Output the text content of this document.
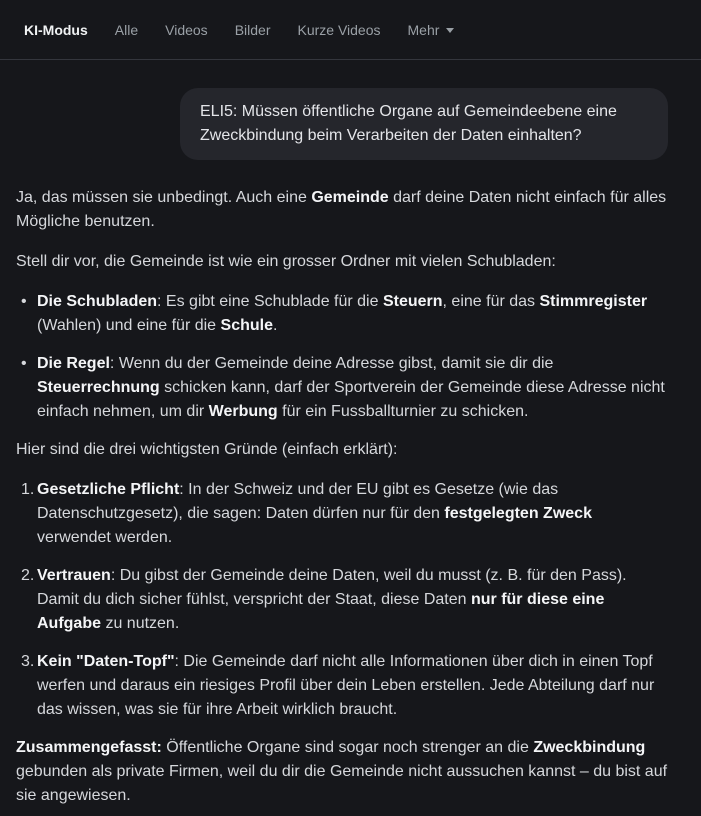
KI-Modus Alle Videos Bilder Kurze Videos Mehr
ELI5: Müssen öffentliche Organe auf Gemeindeebene eine Zweckbindung beim Verarbeiten der Daten einhalten?

Ja, das müssen sie unbedingt. Auch eine Gemeinde darf deine Daten nicht einfach für alles Mögliche benutzen.

Stell dir vor, die Gemeinde ist wie ein grosser Ordner mit vielen Schubladen:

• Die Schubladen: Es gibt eine Schublade für die Steuern, eine für das Stimmregister (Wahlen) und eine für die Schule.
• Die Regel: Wenn du der Gemeinde deine Adresse gibst, damit sie dir die Steuerrechnung schicken kann, darf der Sportverein der Gemeinde diese Adresse nicht einfach nehmen, um dir Werbung für ein Fussballturnier zu schicken.

Hier sind die drei wichtigsten Gründe (einfach erklärt):

1. Gesetzliche Pflicht: In der Schweiz und der EU gibt es Gesetze (wie das Datenschutzgesetz), die sagen: Daten dürfen nur für den festgelegten Zweck verwendet werden.
2. Vertrauen: Du gibst der Gemeinde deine Daten, weil du musst (z. B. für den Pass). Damit du dich sicher fühlst, verspricht der Staat, diese Daten nur für diese eine Aufgabe zu nutzen.
3. Kein "Daten-Topf": Die Gemeinde darf nicht alle Informationen über dich in einen Topf werfen und daraus ein riesiges Profil über dein Leben erstellen. Jede Abteilung darf nur das wissen, was sie für ihre Arbeit wirklich braucht.

Zusammengefasst: Öffentliche Organe sind sogar noch strenger an die Zweckbindung gebunden als private Firmen, weil du dir die Gemeinde nicht aussuchen kannst – du bist auf sie angewiesen.
